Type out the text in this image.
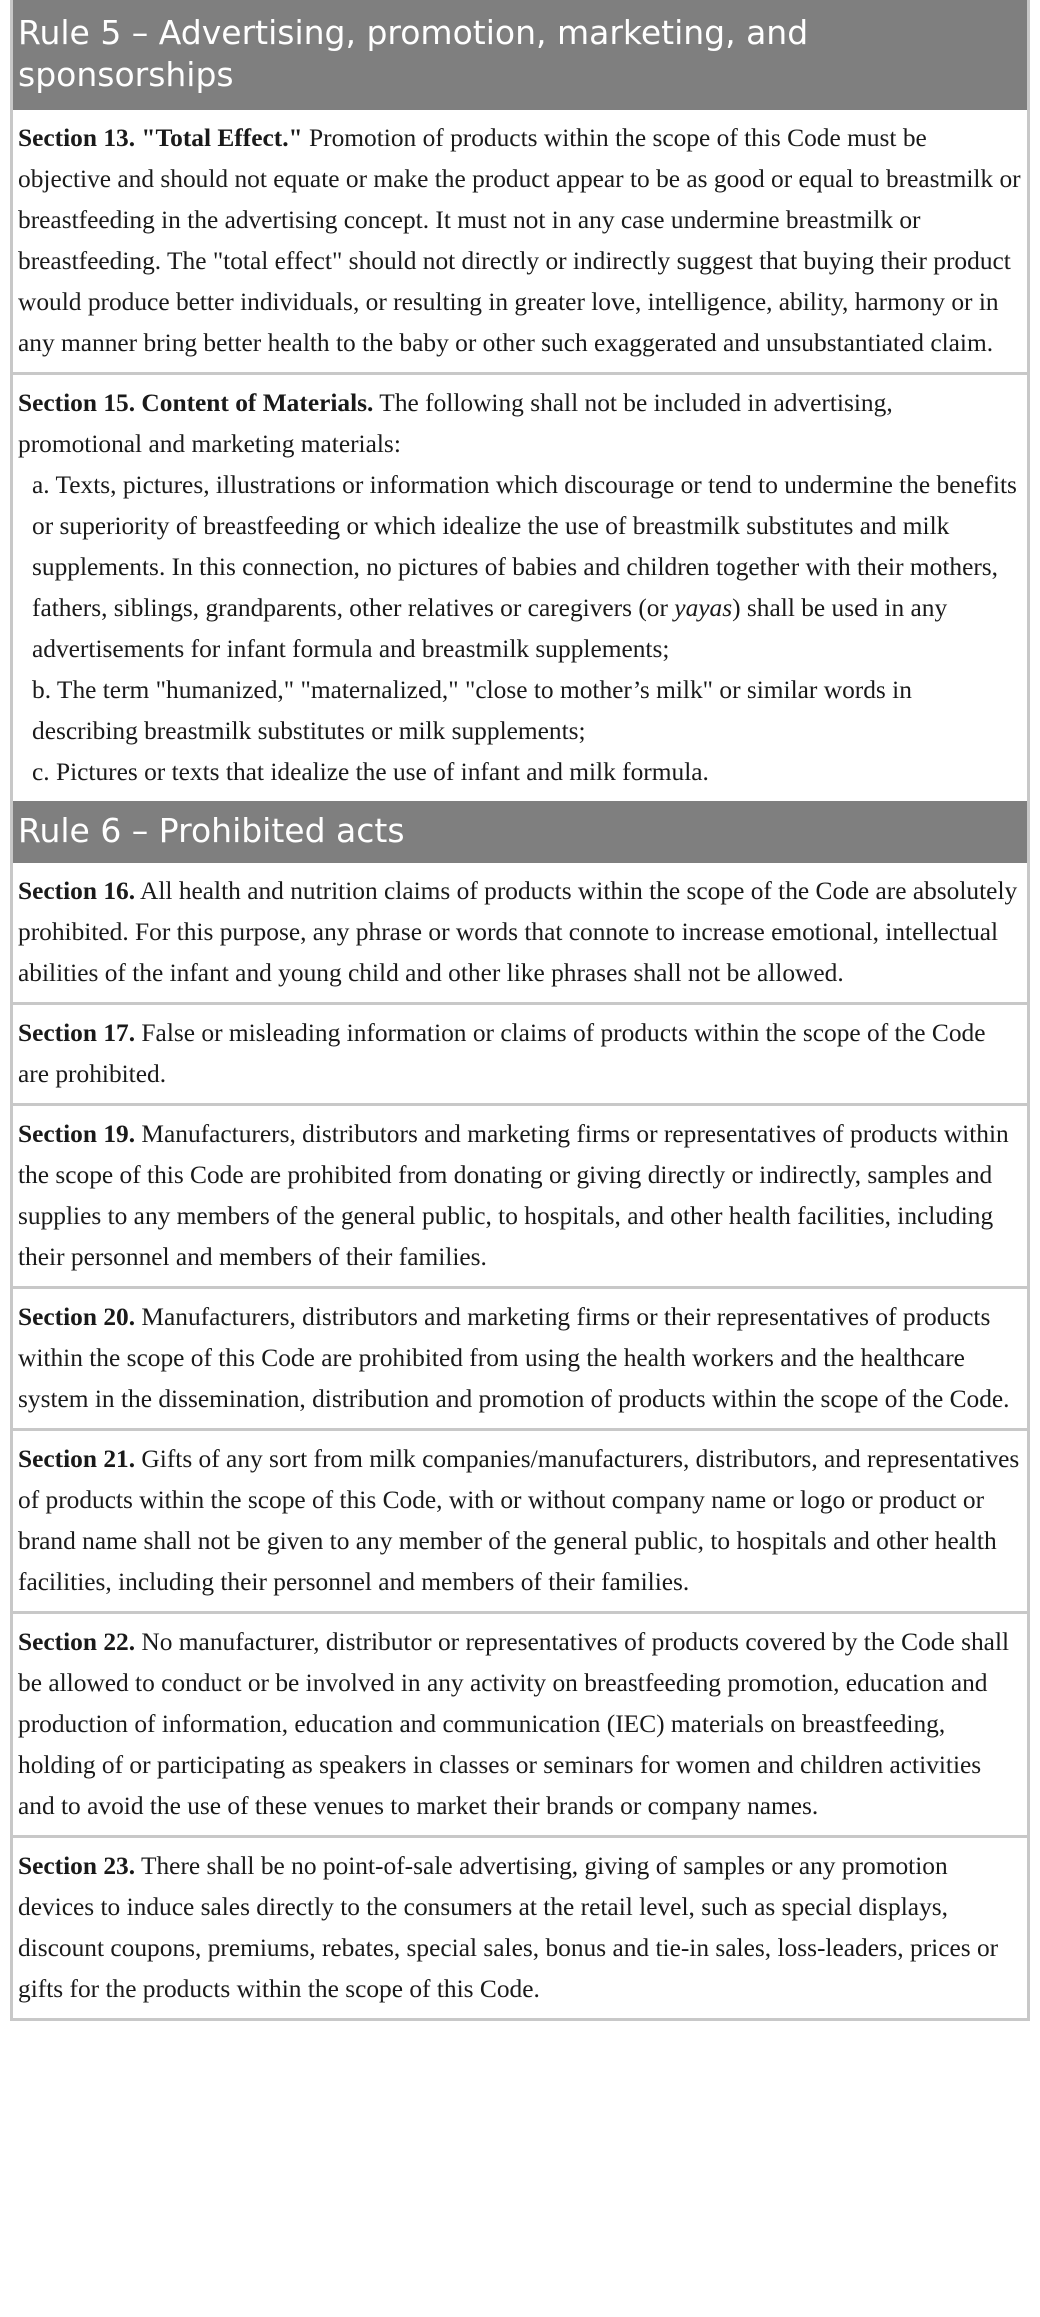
Rule 5 – Advertising, promotion, marketing, and sponsorships
Section 13. "Total Effect." Promotion of products within the scope of this Code must be objective and should not equate or make the product appear to be as good or equal to breastmilk or breastfeeding in the advertising concept. It must not in any case undermine breastmilk or breastfeeding. The "total effect" should not directly or indirectly suggest that buying their product would produce better individuals, or resulting in greater love, intelligence, ability, harmony or in any manner bring better health to the baby or other such exaggerated and unsubstantiated claim.
Section 15. Content of Materials. The following shall not be included in advertising, promotional and marketing materials:
a. Texts, pictures, illustrations or information which discourage or tend to undermine the benefits or superiority of breastfeeding or which idealize the use of breastmilk substitutes and milk supplements. In this connection, no pictures of babies and children together with their mothers, fathers, siblings, grandparents, other relatives or caregivers (or yayas) shall be used in any advertisements for infant formula and breastmilk supplements;
b. The term "humanized," "maternalized," "close to mother’s milk" or similar words in describing breastmilk substitutes or milk supplements;
c. Pictures or texts that idealize the use of infant and milk formula.
Rule 6 – Prohibited acts
Section 16. All health and nutrition claims of products within the scope of the Code are absolutely prohibited. For this purpose, any phrase or words that connote to increase emotional, intellectual abilities of the infant and young child and other like phrases shall not be allowed.
Section 17. False or misleading information or claims of products within the scope of the Code are prohibited.
Section 19. Manufacturers, distributors and marketing firms or representatives of products within the scope of this Code are prohibited from donating or giving directly or indirectly, samples and supplies to any members of the general public, to hospitals, and other health facilities, including their personnel and members of their families.
Section 20. Manufacturers, distributors and marketing firms or their representatives of products within the scope of this Code are prohibited from using the health workers and the healthcare system in the dissemination, distribution and promotion of products within the scope of the Code.
Section 21. Gifts of any sort from milk companies/manufacturers, distributors, and representatives of products within the scope of this Code, with or without company name or logo or product or brand name shall not be given to any member of the general public, to hospitals and other health facilities, including their personnel and members of their families.
Section 22. No manufacturer, distributor or representatives of products covered by the Code shall be allowed to conduct or be involved in any activity on breastfeeding promotion, education and production of information, education and communication (IEC) materials on breastfeeding, holding of or participating as speakers in classes or seminars for women and children activities and to avoid the use of these venues to market their brands or company names.
Section 23. There shall be no point-of-sale advertising, giving of samples or any promotion devices to induce sales directly to the consumers at the retail level, such as special displays, discount coupons, premiums, rebates, special sales, bonus and tie-in sales, loss-leaders, prices or gifts for the products within the scope of this Code.
